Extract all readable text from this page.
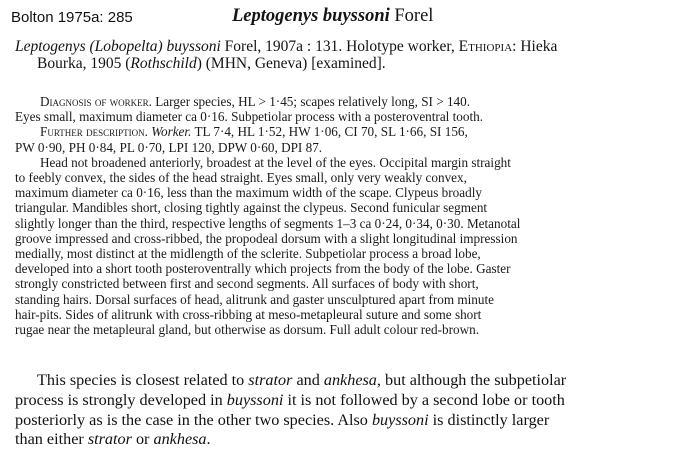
Bolton 1975a: 285	Leptogenys buyssoni Forel
Leptogenys (Lobopelta) buyssoni Forel, 1907a : 131. Holotype worker, Ethiopia: Hieka
Bourka, 1905 (Rothschild) (MHN, Geneva) [examined].

Diagnosis of worker. Larger species, HL > 1·45; scapes relatively long, SI > 140.
Eyes small, maximum diameter ca 0·16. Subpetiolar process with a posteroventral tooth.

Further description. Worker. TL 7·4, HL 1·52, HW 1·06, CI 70, SL 1·66, SI 156,
PW 0·90, PH 0·84, PL 0·70, LPI 120, DPW 0·60, DPI 87.

Head not broadened anteriorly, broadest at the level of the eyes. Occipital margin straight
to feebly convex, the sides of the head straight. Eyes small, only very weakly convex,
maximum diameter ca 0·16, less than the maximum width of the scape. Clypeus broadly
triangular. Mandibles short, closing tightly against the clypeus. Second funicular segment
slightly longer than the third, respective lengths of segments 1–3 ca 0·24, 0·34, 0·30. Metanotal
groove impressed and cross-ribbed, the propodeal dorsum with a slight longitudinal impression
medially, most distinct at the midlength of the sclerite. Subpetiolar process a broad lobe,
developed into a short tooth posteroventrally which projects from the body of the lobe. Gaster
strongly constricted between first and second segments. All surfaces of body with short,
standing hairs. Dorsal surfaces of head, alitrunk and gaster unsculptured apart from minute
hair-pits. Sides of alitrunk with cross-ribbing at meso-metapleural suture and some short
rugae near the metapleural gland, but otherwise as dorsum. Full adult colour red-brown.

This species is closest related to strator and ankhesa, but although the subpetiolar
process is strongly developed in buyssoni it is not followed by a second lobe or tooth
posteriorly as is the case in the other two species. Also buyssoni is distinctly larger
than either strator or ankhesa.
